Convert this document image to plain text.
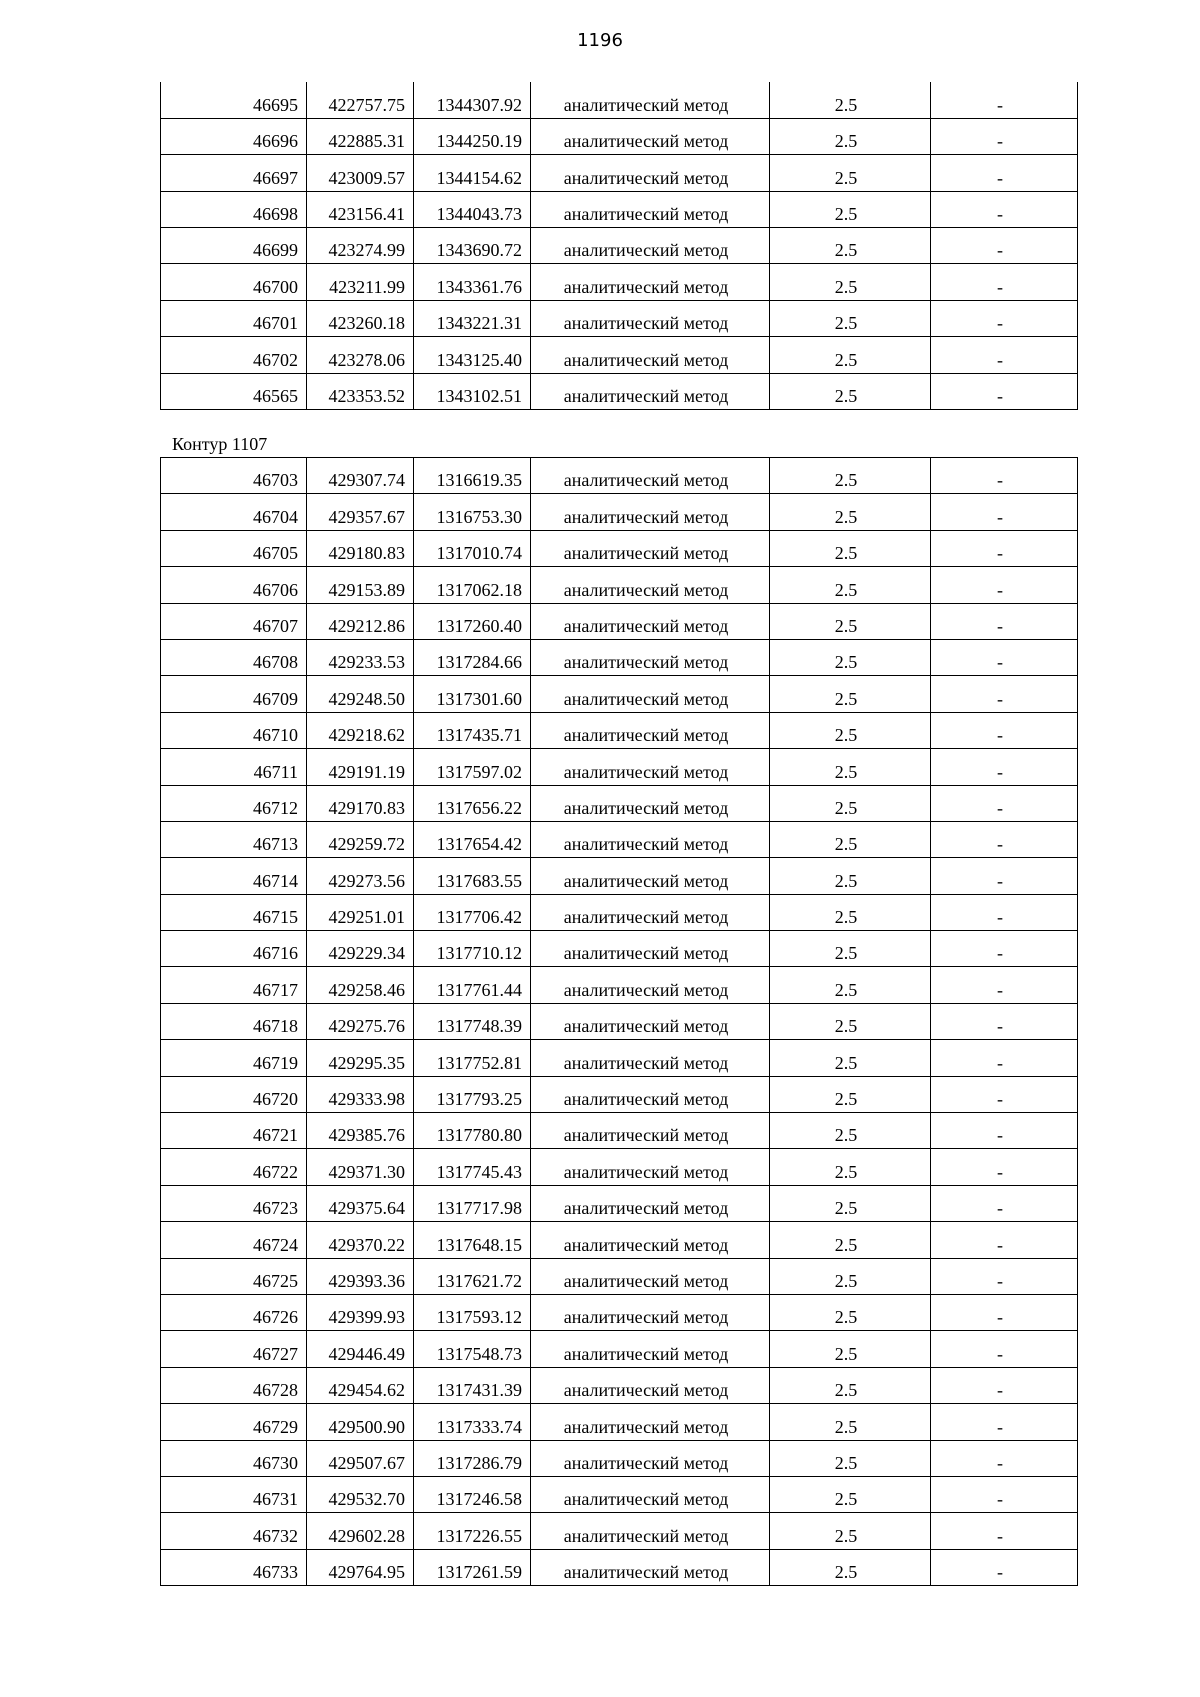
1196
46695	422757.75	1344307.92	аналитический метод	2.5	-
46696	422885.31	1344250.19	аналитический метод	2.5	-
46697	423009.57	1344154.62	аналитический метод	2.5	-
46698	423156.41	1344043.73	аналитический метод	2.5	-
46699	423274.99	1343690.72	аналитический метод	2.5	-
46700	423211.99	1343361.76	аналитический метод	2.5	-
46701	423260.18	1343221.31	аналитический метод	2.5	-
46702	423278.06	1343125.40	аналитический метод	2.5	-
46565	423353.52	1343102.51	аналитический метод	2.5	-
Контур 1107
46703	429307.74	1316619.35	аналитический метод	2.5	-
46704	429357.67	1316753.30	аналитический метод	2.5	-
46705	429180.83	1317010.74	аналитический метод	2.5	-
46706	429153.89	1317062.18	аналитический метод	2.5	-
46707	429212.86	1317260.40	аналитический метод	2.5	-
46708	429233.53	1317284.66	аналитический метод	2.5	-
46709	429248.50	1317301.60	аналитический метод	2.5	-
46710	429218.62	1317435.71	аналитический метод	2.5	-
46711	429191.19	1317597.02	аналитический метод	2.5	-
46712	429170.83	1317656.22	аналитический метод	2.5	-
46713	429259.72	1317654.42	аналитический метод	2.5	-
46714	429273.56	1317683.55	аналитический метод	2.5	-
46715	429251.01	1317706.42	аналитический метод	2.5	-
46716	429229.34	1317710.12	аналитический метод	2.5	-
46717	429258.46	1317761.44	аналитический метод	2.5	-
46718	429275.76	1317748.39	аналитический метод	2.5	-
46719	429295.35	1317752.81	аналитический метод	2.5	-
46720	429333.98	1317793.25	аналитический метод	2.5	-
46721	429385.76	1317780.80	аналитический метод	2.5	-
46722	429371.30	1317745.43	аналитический метод	2.5	-
46723	429375.64	1317717.98	аналитический метод	2.5	-
46724	429370.22	1317648.15	аналитический метод	2.5	-
46725	429393.36	1317621.72	аналитический метод	2.5	-
46726	429399.93	1317593.12	аналитический метод	2.5	-
46727	429446.49	1317548.73	аналитический метод	2.5	-
46728	429454.62	1317431.39	аналитический метод	2.5	-
46729	429500.90	1317333.74	аналитический метод	2.5	-
46730	429507.67	1317286.79	аналитический метод	2.5	-
46731	429532.70	1317246.58	аналитический метод	2.5	-
46732	429602.28	1317226.55	аналитический метод	2.5	-
46733	429764.95	1317261.59	аналитический метод	2.5	-
